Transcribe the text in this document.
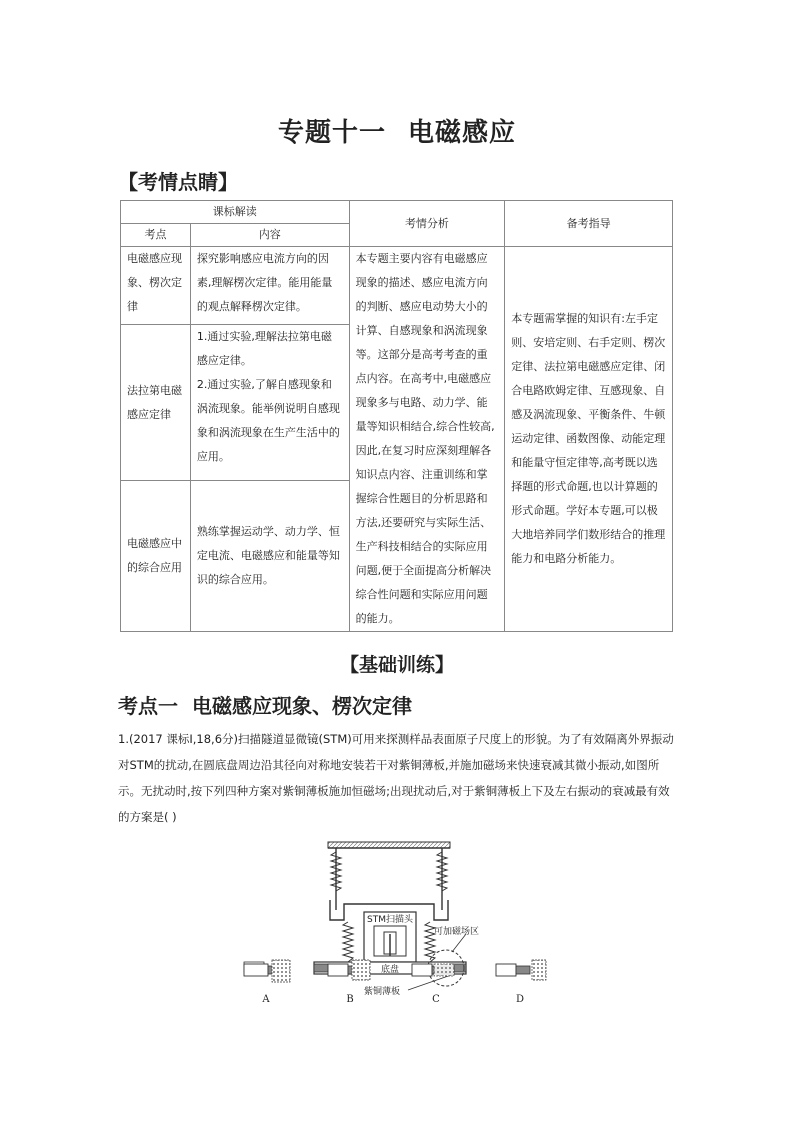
专题十一 电磁感应
【考情点睛】
课标解读		考情分析	备考指导
考点	内容		
电磁感应现象、楞次定律	探究影响感应电流方向的因素,理解楞次定律。能用能量的观点解释楞次定律。	本专题主要内容有电磁感应现象的描述、感应电流方向的判断、感应电动势大小的计算、自感现象和涡流现象等。这部分是高考考查的重点内容。在高考中,电磁感应现象多与电路、动力学、能量等知识相结合,综合性较高,因此,在复习时应深刻理解各知识点内容、注重训练和掌握综合性题目的分析思路和方法,还要研究与实际生活、生产科技相结合的实际应用问题,便于全面提高分析解决综合性问题和实际应用问题的能力。	本专题需掌握的知识有:左手定则、安培定则、右手定则、楞次定律、法拉第电磁感应定律、闭合电路欧姆定律、互感现象、自感及涡流现象、平衡条件、牛顿运动定律、函数图像、动能定理和能量守恒定律等,高考既以选择题的形式命题,也以计算题的形式命题。学好本专题,可以极大地培养同学们数形结合的推理能力和电路分析能力。
法拉第电磁感应定律	1.通过实验,理解法拉第电磁感应定律。

2.通过实验,了解自感现象和涡流现象。能举例说明自感现象和涡流现象在生产生活中的应用。		

电磁感应中的综合应用	熟练掌握运动学、动力学、恒定电流、电磁感应和能量等知识的综合应用。		
【基础训练】
考点一 电磁感应现象、楞次定律
1.(2017 课标Ⅰ,18,6分)扫描隧道显微镜(STM)可用来探测样品表面原子尺度上的形貌。为了有效隔离外界振动对STM的扰动,在圆底盘周边沿其径向对称地安装若干对紫铜薄板,并施加磁场来快速衰减其微小振动,如图所示。无扰动时,按下列四种方案对紫铜薄板施加恒磁场;出现扰动后,对于紫铜薄板上下及左右振动的衰减最有效的方案是( )
STM扫描头
底盘
可加磁场区
紫铜薄板
A	B	C	D
